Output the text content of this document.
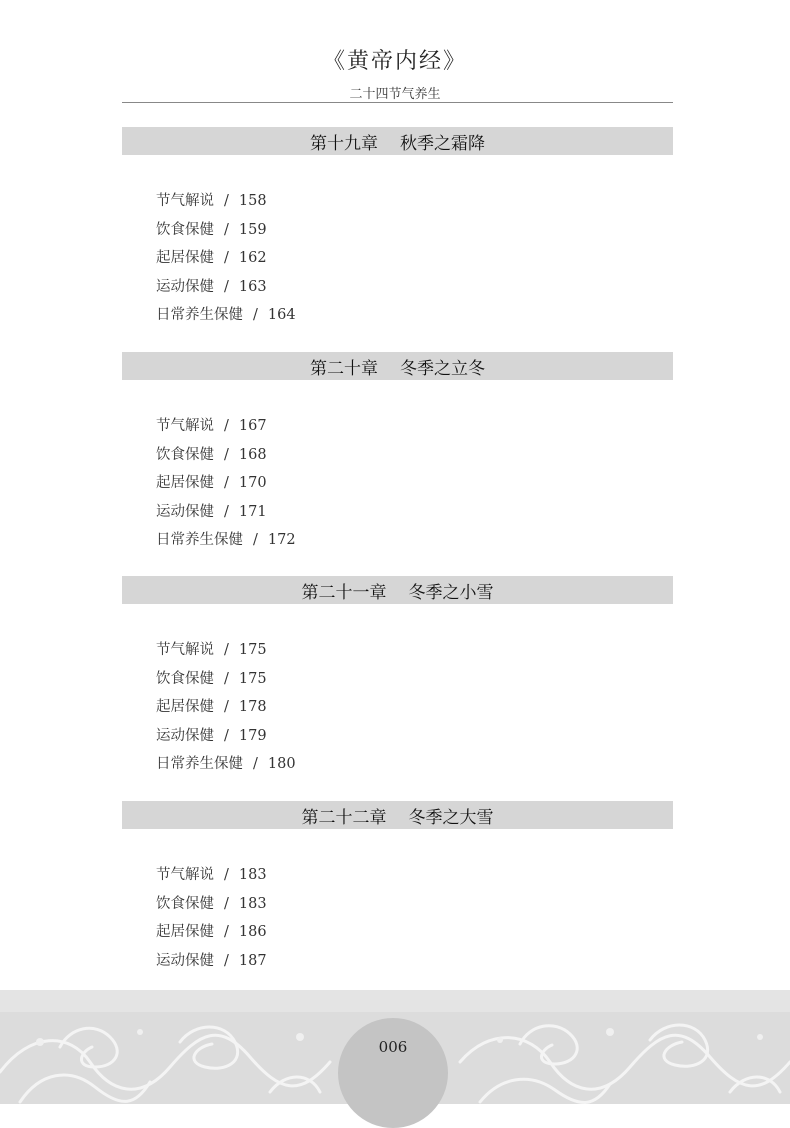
《黄帝内经》
二十四节气养生
第十九章 秋季之霜降
节气解说 / 158
饮食保健 / 159
起居保健 / 162
运动保健 / 163
日常养生保健 / 164
第二十章 冬季之立冬
节气解说 / 167
饮食保健 / 168
起居保健 / 170
运动保健 / 171
日常养生保健 / 172
第二十一章 冬季之小雪
节气解说 / 175
饮食保健 / 175
起居保健 / 178
运动保健 / 179
日常养生保健 / 180
第二十二章 冬季之大雪
节气解说 / 183
饮食保健 / 183
起居保健 / 186
运动保健 / 187
006
